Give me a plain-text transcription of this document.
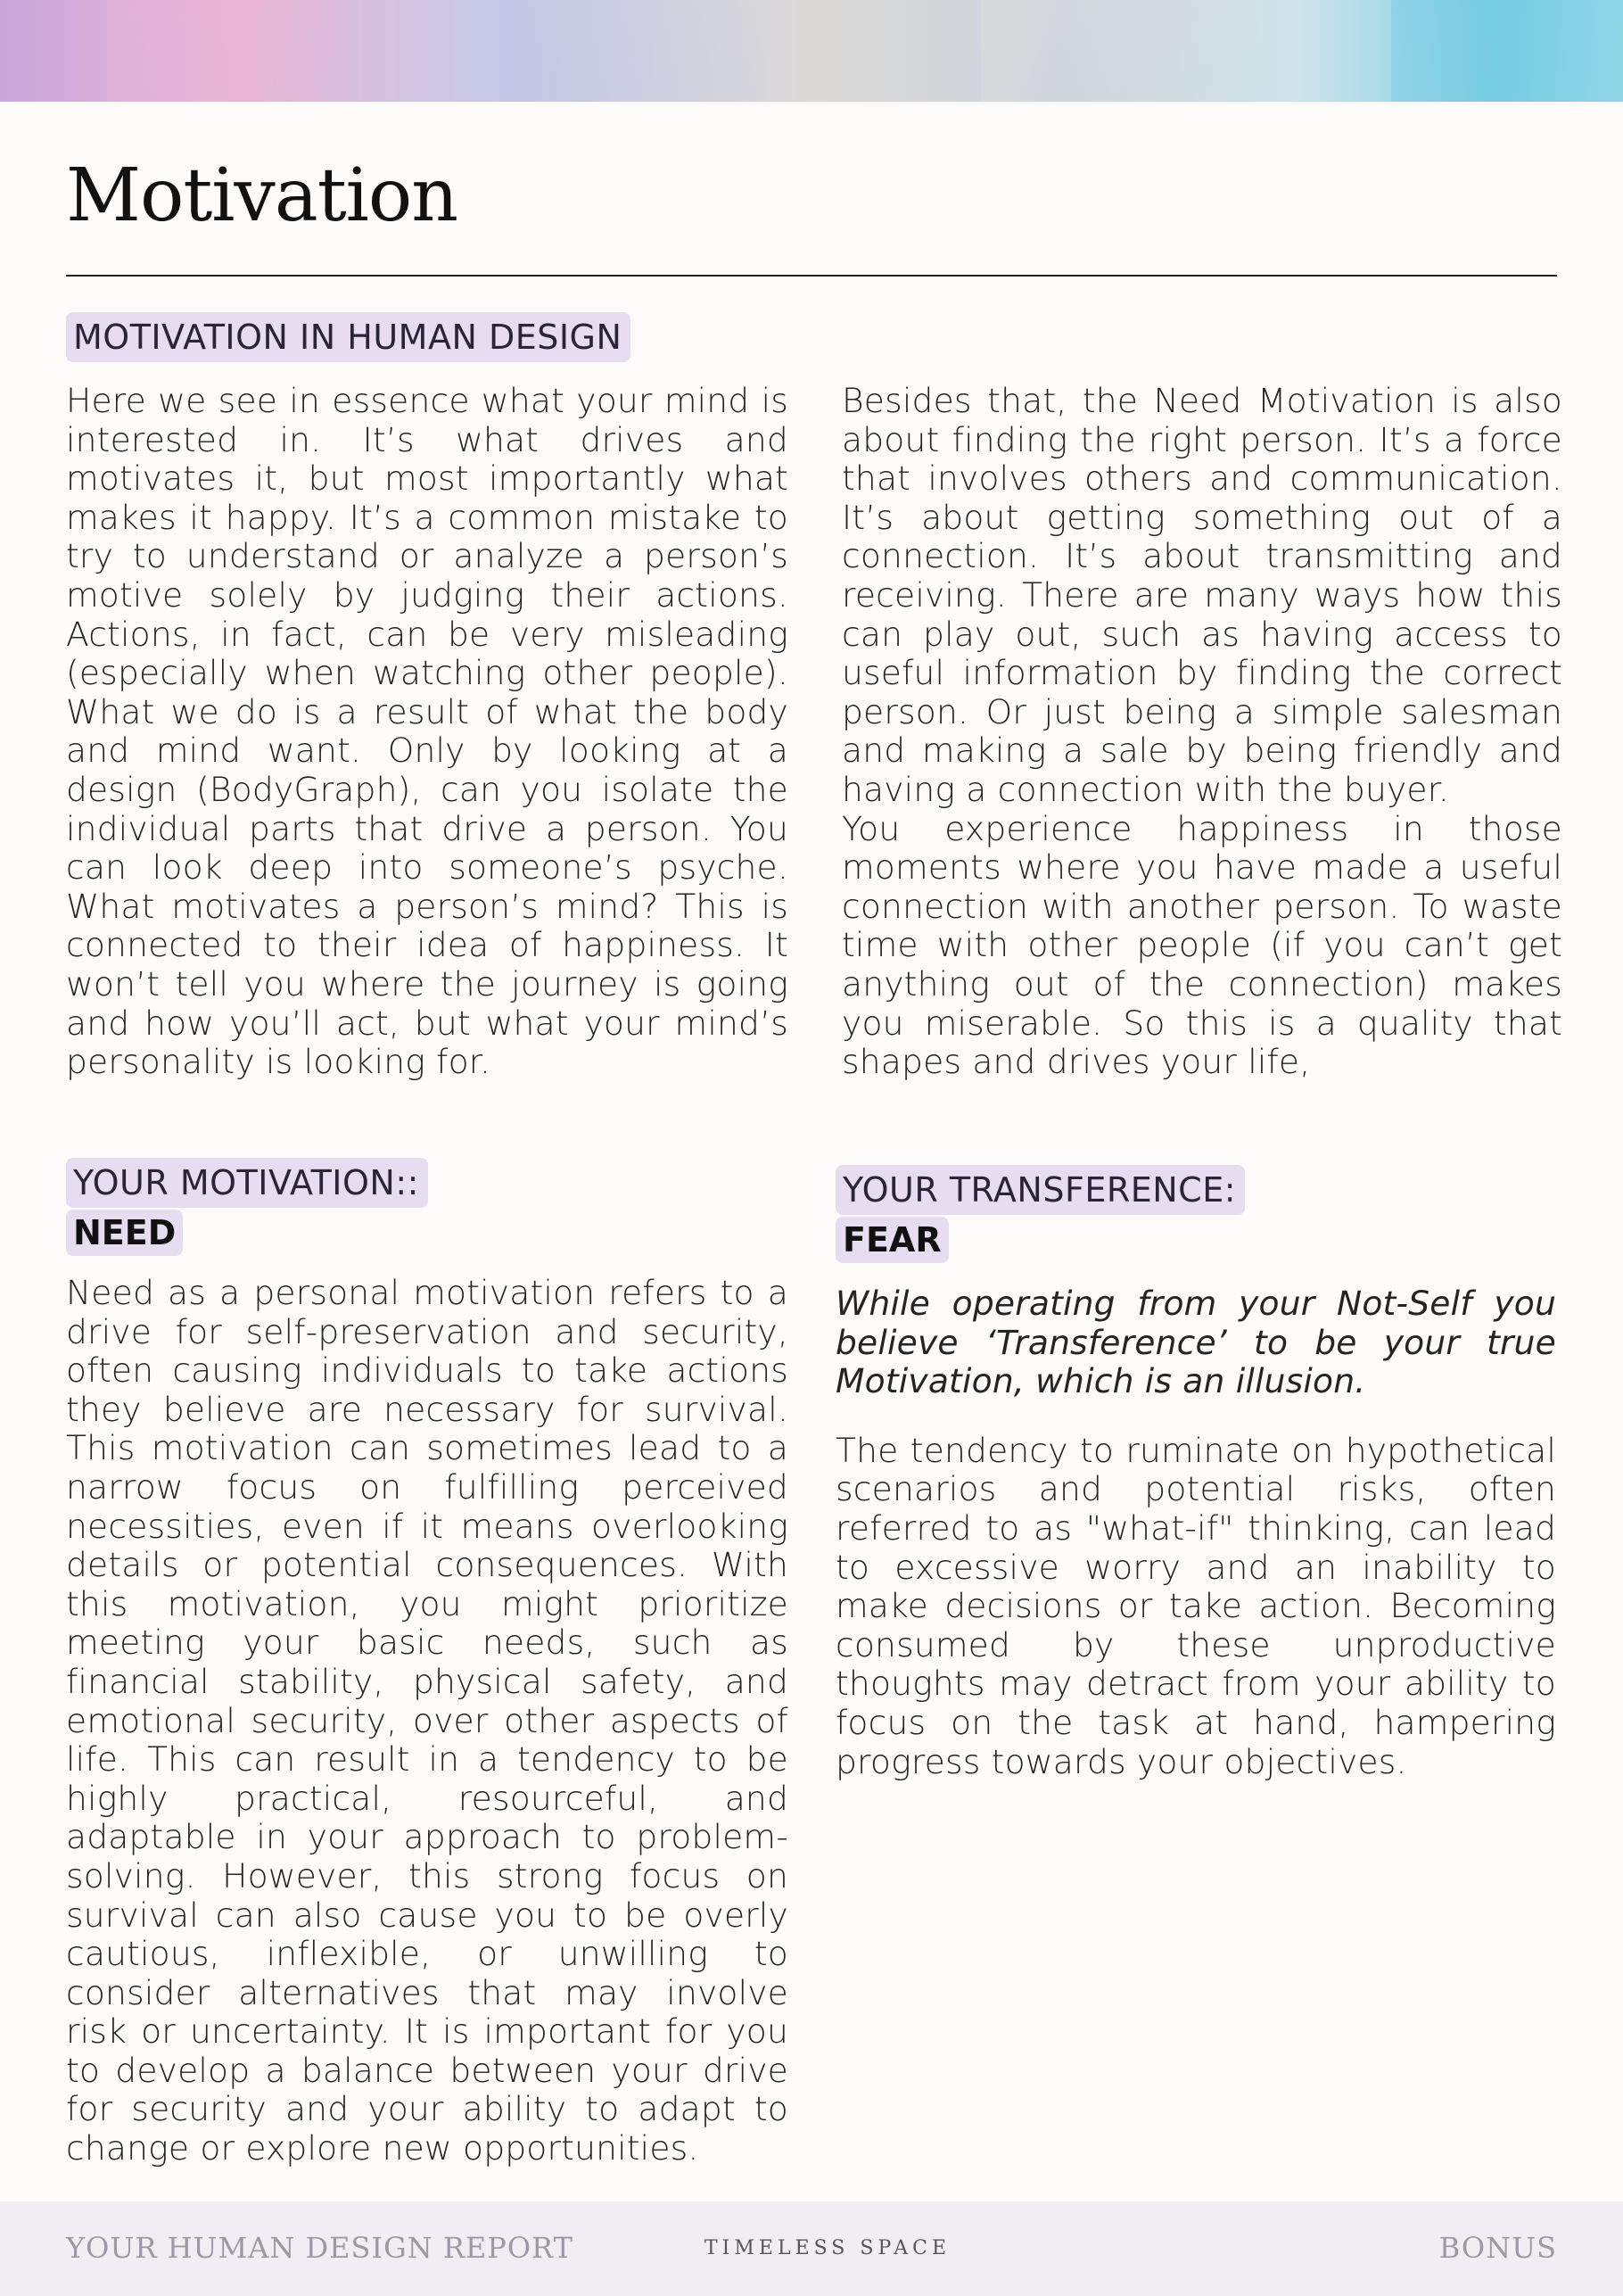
Motivation
MOTIVATION IN HUMAN DESIGN

Here we see in essence what your mind is interested in. It’s what drives and motivates it, but most importantly what makes it happy. It’s a common mistake to try to understand or analyze a person’s motive solely by judging their actions. Actions, in fact, can be very misleading (especially when watching other people). What we do is a result of what the body and mind want. Only by looking at a design (BodyGraph), can you isolate the individual parts that drive a person. You can look deep into someone’s psyche. What motivates a person’s mind? This is connected to their idea of happiness. It won’t tell you where the journey is going and how you’ll act, but what your mind’s personality is looking for.

Besides that, the Need Motivation is also about finding the right person. It’s a force that involves others and communication. It’s about getting something out of a connection. It’s about transmitting and receiving. There are many ways how this can play out, such as having access to useful information by finding the correct person. Or just being a simple salesman and making a sale by being friendly and having a connection with the buyer.

You experience happiness in those moments where you have made a useful connection with another person. To waste time with other people (if you can’t get anything out of the connection) makes you miserable. So this is a quality that shapes and drives your life,

YOUR MOTIVATION::
NEED

Need as a personal motivation refers to a drive for self-preservation and security, often causing individuals to take actions they believe are necessary for survival. This motivation can sometimes lead to a narrow focus on fulfilling perceived necessities, even if it means overlooking details or potential consequences. With this motivation, you might prioritize meeting your basic needs, such as financial stability, physical safety, and emotional security, over other aspects of life. This can result in a tendency to be highly practical, resourceful, and adaptable in your approach to problem-solving. However, this strong focus on survival can also cause you to be overly cautious, inflexible, or unwilling to consider alternatives that may involve risk or uncertainty. It is important for you to develop a balance between your drive for security and your ability to adapt to change or explore new opportunities.

YOUR TRANSFERENCE:
FEAR

While operating from your Not-Self you believe ‘Transference’ to be your true Motivation, which is an illusion.

The tendency to ruminate on hypothetical scenarios and potential risks, often referred to as "what-if" thinking, can lead to excessive worry and an inability to make decisions or take action. Becoming consumed by these unproductive thoughts may detract from your ability to focus on the task at hand, hampering progress towards your objectives.

YOUR HUMAN DESIGN REPORT	TIMELESS SPACE	BONUS
